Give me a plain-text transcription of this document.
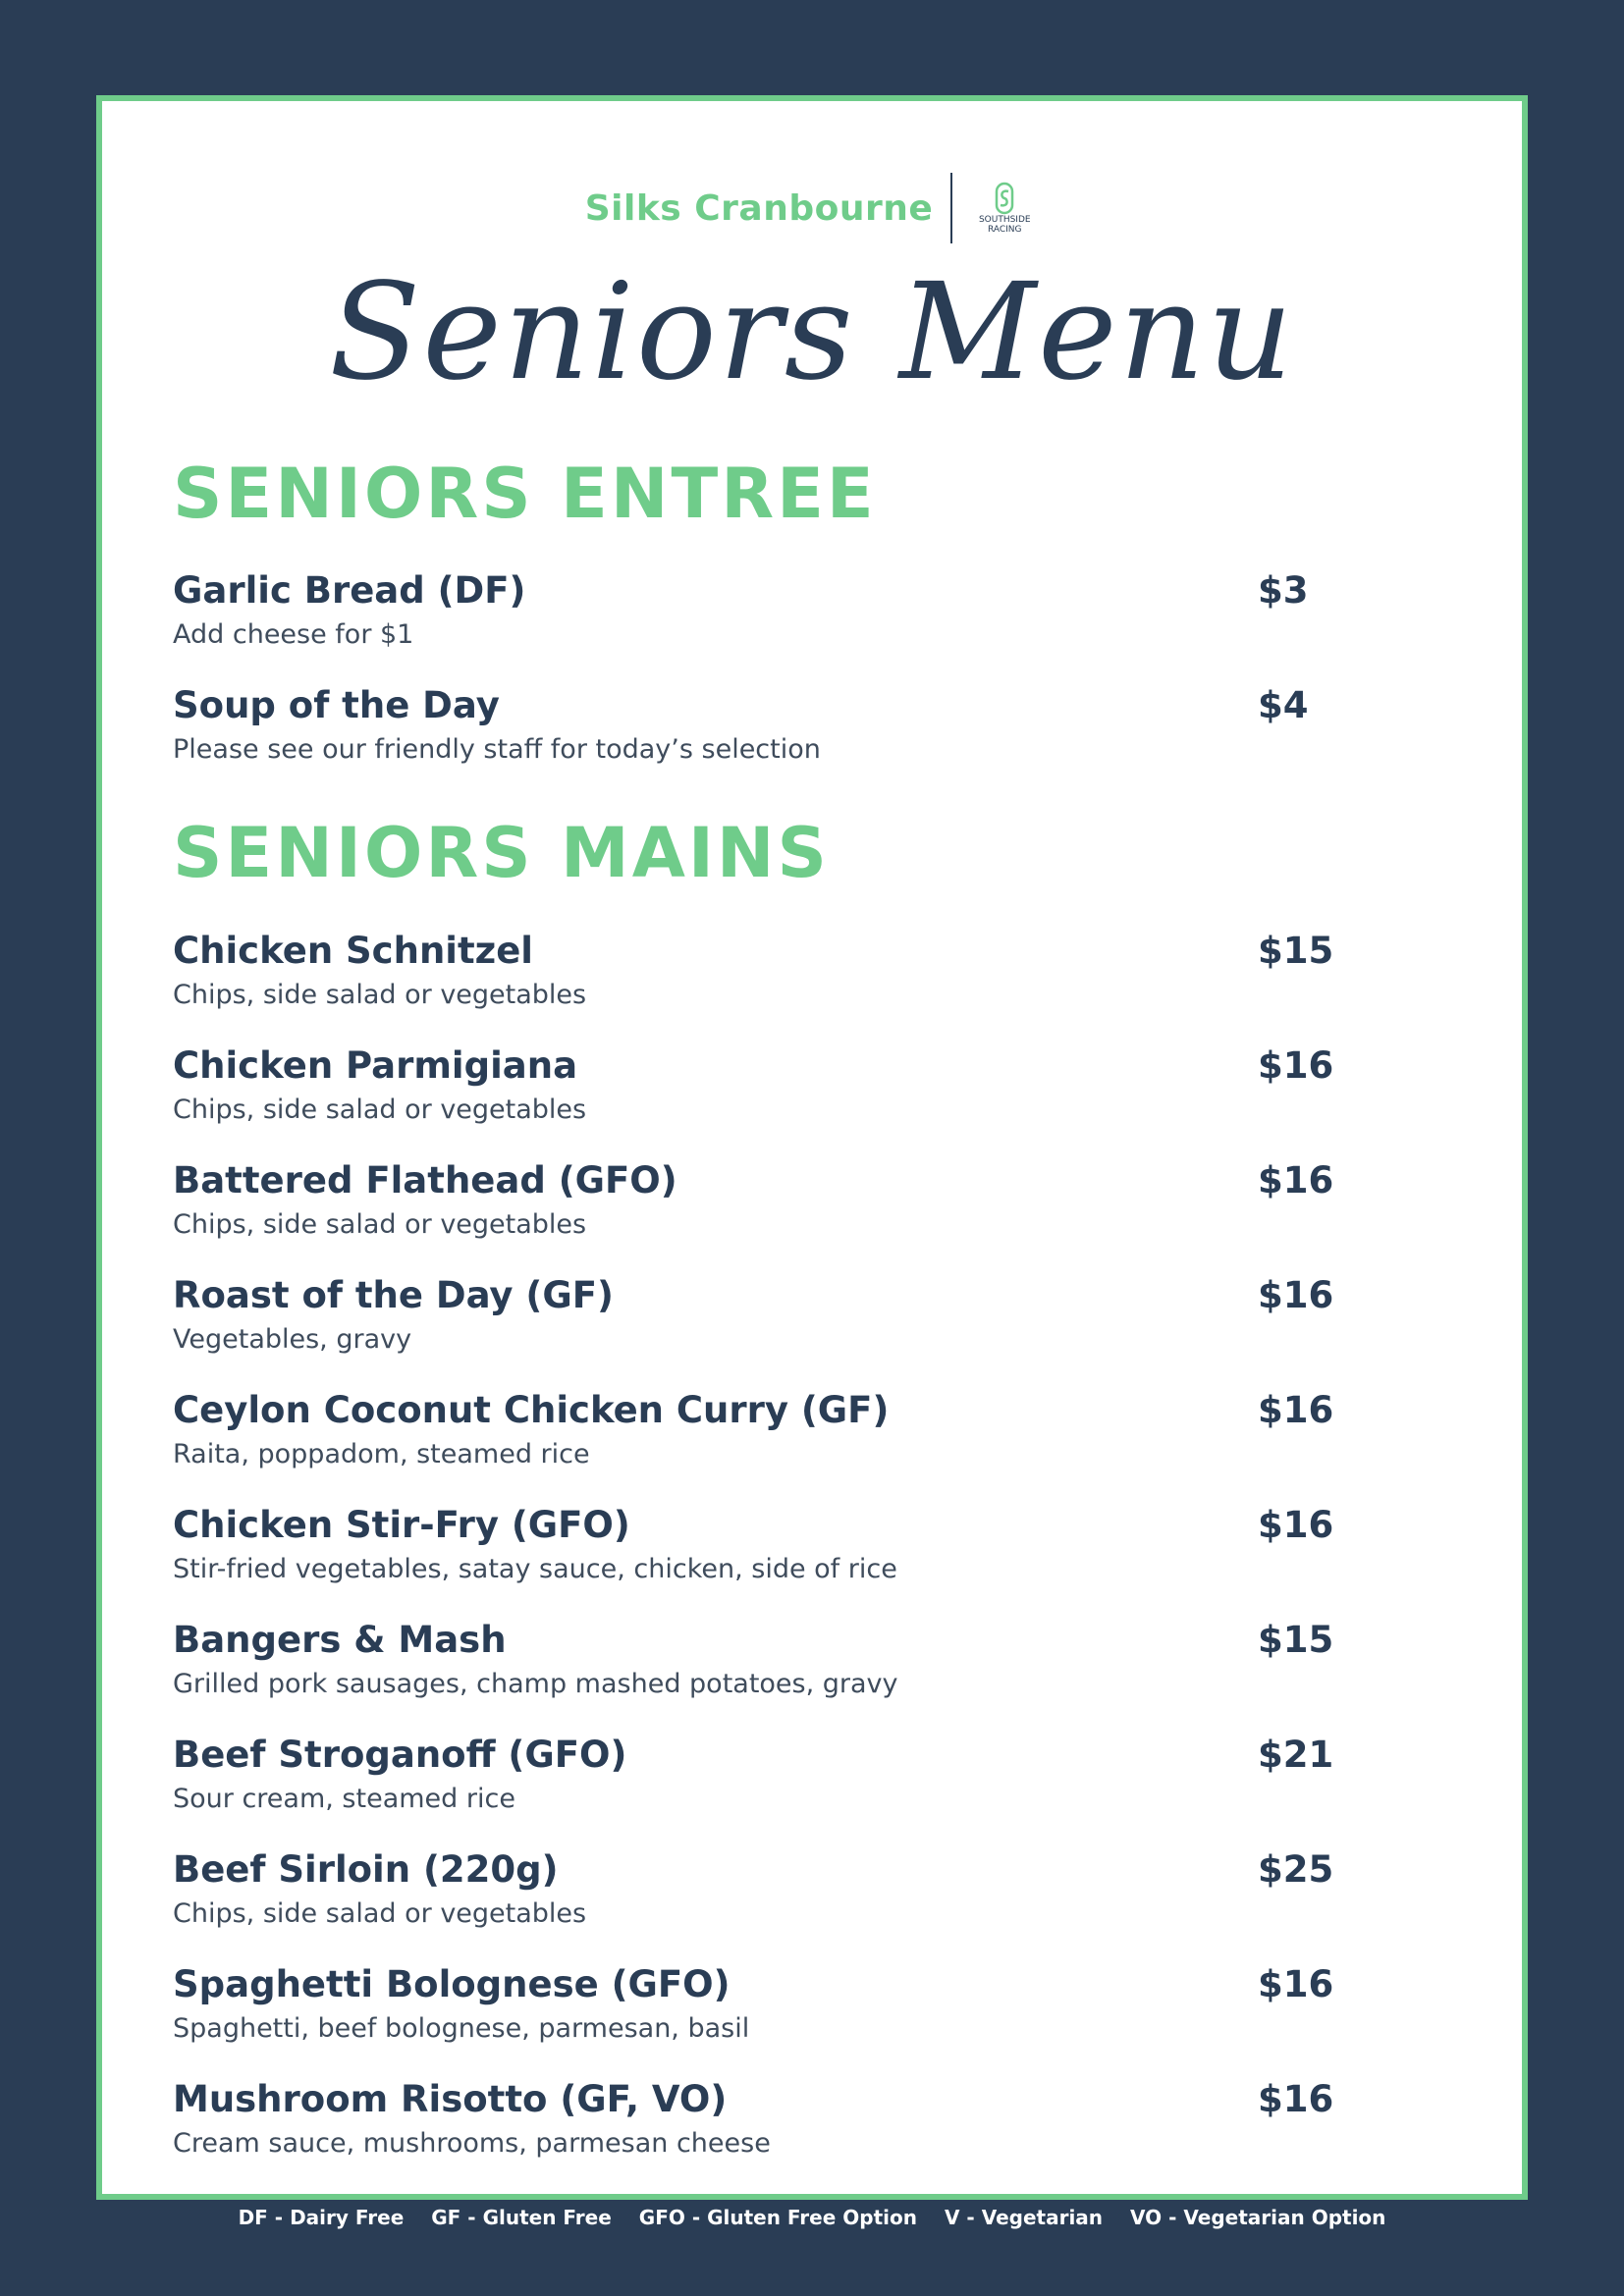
Silks Cranbourne	SOUTHSIDE RACING
Seniors Menu
SENIORS ENTREE
Garlic Bread (DF)	$3
Add cheese for $1
Soup of the Day	$4
Please see our friendly staff for today’s selection
SENIORS MAINS
Chicken Schnitzel	$15
Chips, side salad or vegetables
Chicken Parmigiana	$16
Chips, side salad or vegetables
Battered Flathead (GFO)	$16
Chips, side salad or vegetables
Roast of the Day (GF)	$16
Vegetables, gravy
Ceylon Coconut Chicken Curry (GF)	$16
Raita, poppadom, steamed rice
Chicken Stir-Fry (GFO)	$16
Stir-fried vegetables, satay sauce, chicken, side of rice
Bangers & Mash	$15
Grilled pork sausages, champ mashed potatoes, gravy
Beef Stroganoff (GFO)	$21
Sour cream, steamed rice
Beef Sirloin (220g)	$25
Chips, side salad or vegetables
Spaghetti Bolognese (GFO)	$16
Spaghetti, beef bolognese, parmesan, basil
Mushroom Risotto (GF, VO)	$16
Cream sauce, mushrooms, parmesan cheese
DF - Dairy Free GF - Gluten Free GFO - Gluten Free Option V - Vegetarian VO - Vegetarian Option
